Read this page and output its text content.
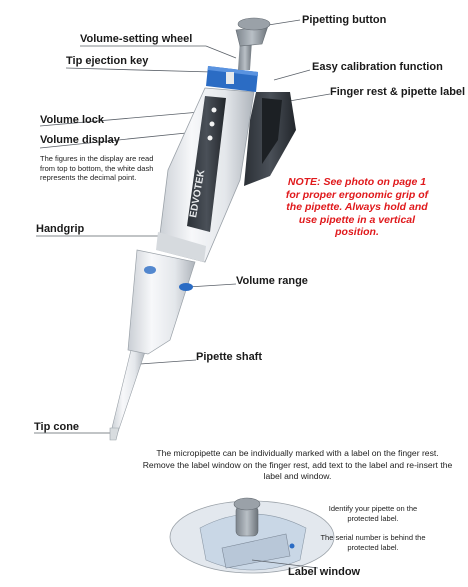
EDVOTEK
Pipetting button
Volume-setting wheel
Tip ejection key	Easy calibration function
Finger rest & pipette label
Volume lock
Volume display
The figures in the display are read from top to bottom, the white dash represents the decimal point.
Handgrip
Volume range
Pipette shaft
Tip cone
NOTE: See photo on page 1 for proper ergonomic grip of the pipette. Always hold and use pipette in a vertical position.
The micropipette can be individually marked with a label on the finger rest. Remove the label window on the finger rest, add text to the label and re-insert the label and window.
Identify your pipette on the protected label.
The serial number is behind the protected label.
Label window
